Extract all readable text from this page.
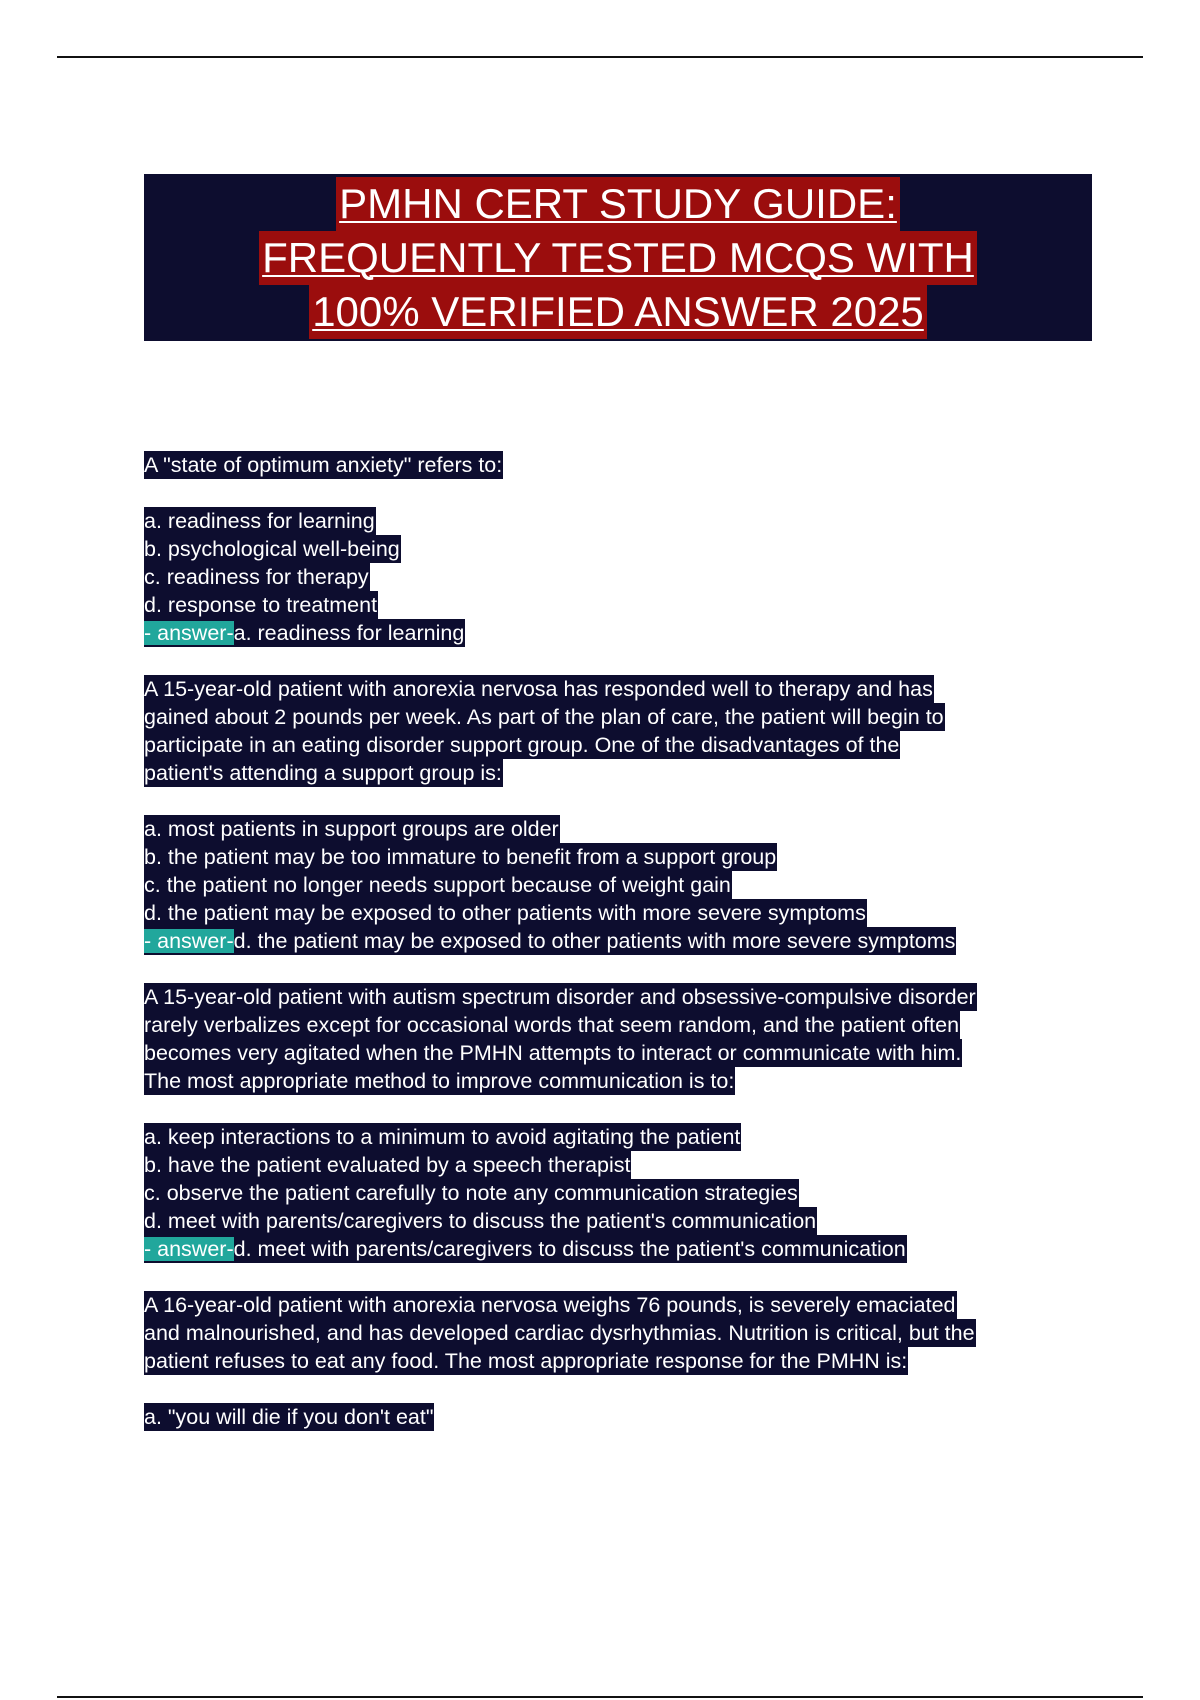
PMHN CERT STUDY GUIDE:
FREQUENTLY TESTED MCQS WITH
100% VERIFIED ANSWER 2025
A "state of optimum anxiety" refers to:
a. readiness for learning
b. psychological well-being
c. readiness for therapy
d. response to treatment
- answer-a. readiness for learning
A 15-year-old patient with anorexia nervosa has responded well to therapy and has
gained about 2 pounds per week. As part of the plan of care, the patient will begin to
participate in an eating disorder support group. One of the disadvantages of the
patient's attending a support group is:
a. most patients in support groups are older
b. the patient may be too immature to benefit from a support group
c. the patient no longer needs support because of weight gain
d. the patient may be exposed to other patients with more severe symptoms
- answer-d. the patient may be exposed to other patients with more severe symptoms
A 15-year-old patient with autism spectrum disorder and obsessive-compulsive disorder
rarely verbalizes except for occasional words that seem random, and the patient often
becomes very agitated when the PMHN attempts to interact or communicate with him.
The most appropriate method to improve communication is to:
a. keep interactions to a minimum to avoid agitating the patient
b. have the patient evaluated by a speech therapist
c. observe the patient carefully to note any communication strategies
d. meet with parents/caregivers to discuss the patient's communication
- answer-d. meet with parents/caregivers to discuss the patient's communication
A 16-year-old patient with anorexia nervosa weighs 76 pounds, is severely emaciated
and malnourished, and has developed cardiac dysrhythmias. Nutrition is critical, but the
patient refuses to eat any food. The most appropriate response for the PMHN is:
a. "you will die if you don't eat"
